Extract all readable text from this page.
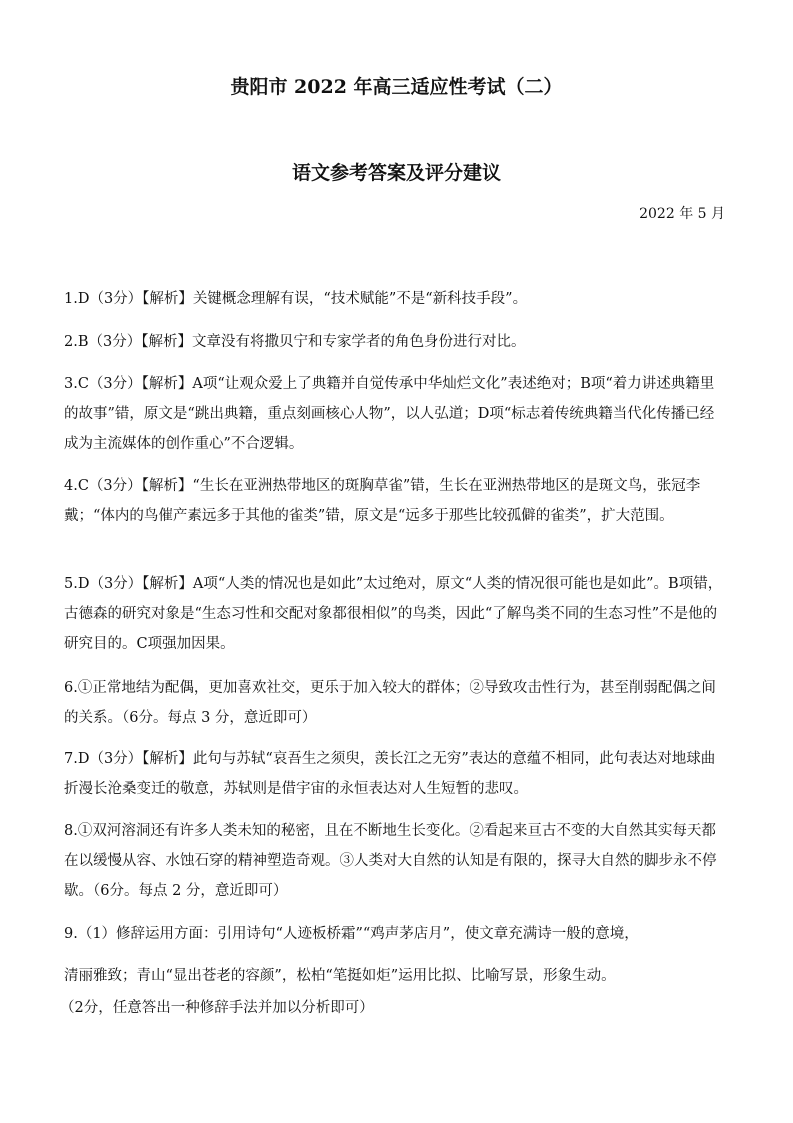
贵阳市 2022 年高三适应性考试（二）
语文参考答案及评分建议
2022 年 5 月
1.D（3分）【解析】关键概念理解有误，“技术赋能”不是“新科技手段”。
2.B（3分）【解析】文章没有将撒贝宁和专家学者的角色身份进行对比。
3.C（3分）【解析】A项“让观众爱上了典籍并自觉传承中华灿烂文化”表述绝对；B项“着力讲述典籍里的故事”错，原文是“跳出典籍，重点刻画核心人物”，以人弘道；D项“标志着传统典籍当代化传播已经成为主流媒体的创作重心”不合逻辑。
4.C（3分）【解析】“生长在亚洲热带地区的斑胸草雀”错，生长在亚洲热带地区的是斑文鸟，张冠李戴；“体内的鸟催产素远多于其他的雀类”错，原文是“远多于那些比较孤僻的雀类”，扩大范围。
5.D（3分）【解析】A项“人类的情况也是如此”太过绝对，原文“人类的情况很可能也是如此”。B项错，古德森的研究对象是“生态习性和交配对象都很相似”的鸟类，因此“了解鸟类不同的生态习性”不是他的研究目的。C项强加因果。
6.①正常地结为配偶，更加喜欢社交，更乐于加入较大的群体；②导致攻击性行为，甚至削弱配偶之间的关系。（6分。每点 3 分，意近即可）
7.D（3分）【解析】此句与苏轼“哀吾生之须臾，羡长江之无穷”表达的意蕴不相同，此句表达对地球曲折漫长沧桑变迁的敬意，苏轼则是借宇宙的永恒表达对人生短暂的悲叹。
8.①双河溶洞还有许多人类未知的秘密，且在不断地生长变化。②看起来亘古不变的大自然其实每天都在以缓慢从容、水蚀石穿的精神塑造奇观。③人类对大自然的认知是有限的，探寻大自然的脚步永不停歇。（6分。每点 2 分，意近即可）
9.（1）修辞运用方面：引用诗句“人迹板桥霜”“鸡声茅店月”，使文章充满诗一般的意境，
清丽雅致；青山“显出苍老的容颜”，松柏“笔挺如炬”运用比拟、比喻写景，形象生动。
（2分，任意答出一种修辞手法并加以分析即可）
